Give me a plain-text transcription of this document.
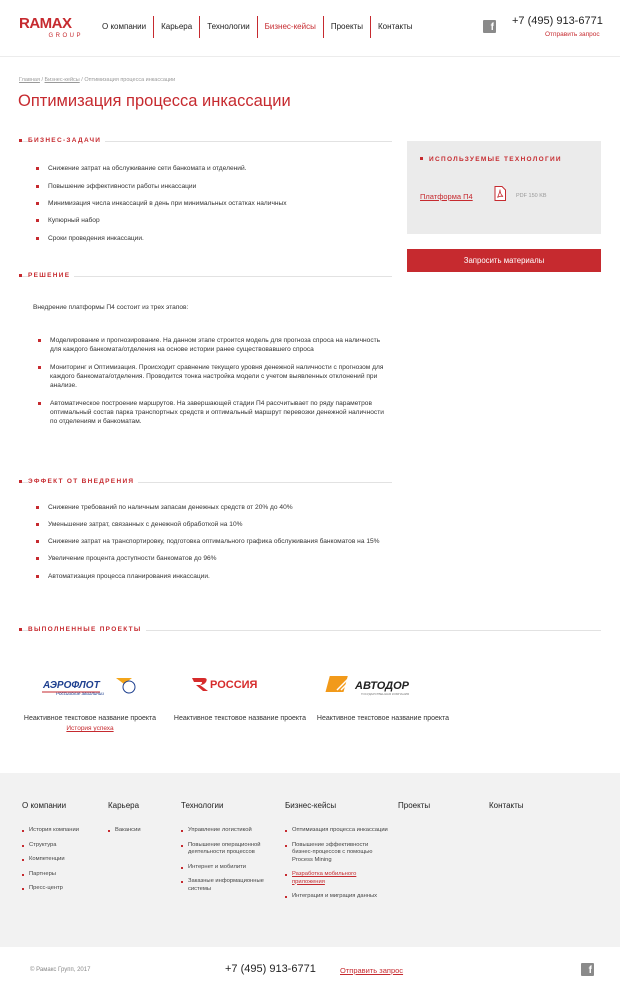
RAMAX
GROUP
О компании	Карьера	Технологии	Бизнес-кейсы	Проекты	Контакты	f
+7 (495) 913-6771
Отправить запрос
Главная / Бизнес-кейсы / Оптимизация процесса инкассации
Оптимизация процесса инкассации
БИЗНЕС-ЗАДАЧИ
Снижение затрат на обслуживание сети банкомата и отделений.
Повышение эффективности работы инкассации
Минимизация числа инкассаций в день при минимальных остатках наличных
Купюрный набор
Сроки проведения инкассации.
РЕШЕНИЕ
Внедрение платформы П4 состоит из трех этапов:
Моделирование и прогнозирование. На данном этапе строится модель для прогноза спроса на наличность для каждого банкомата/отделения на основе истории ранее существовавшего спроса
Мониторинг и Оптимизация. Происходит сравнение текущего уровня денежной наличности с прогнозом для каждого банкомата/отделения. Проводится тонка настройка модели с учетом выявленных отклонений при анализе.
Автоматическое построение маршрутов. На завершающей стадии П4 рассчитывает по ряду параметров оптимальный состав парка транспортных средств и оптимальный маршрут перевозки денежной наличности по отделениям и банкоматам.
ЭФФЕКТ ОТ ВНЕДРЕНИЯ
Снижение требований по наличным запасам денежных средств от 20% до 40%
Уменьшение затрат, связанных с денежной обработкой на 10%
Снижение затрат на транспортировку, подготовка оптимального графика обслуживания банкоматов на 15%
Увеличение процента доступности банкоматов до 96%
Автоматизация процесса планирования инкассации.
ВЫПОЛНЕННЫЕ ПРОЕКТЫ
АЭРОФЛОТ
Российские авиалинии
Неактивное текстовое название проекта
История успеха
РОССИЯ
Неактивное текстовое название проекта
АВТОДОР
ГОСУДАРСТВЕННАЯ КОМПАНИЯ
Неактивное текстовое название проекта
ИСПОЛЬЗУЕМЫЕ ТЕХНОЛОГИИ
Платформа П4	PDF 150 KB
Запросить материалы
О компании
История компании
Структура
Компетенции
Партнеры
Пресс-центр
Карьера
Вакансии
Технологии
Управление логистикой
Повышение операционной деятельности процессов
Интернет и мобилити
Заказные информационные системы
Бизнес-кейсы
Оптимизация процесса инкассации
Повышение эффективности бизнес-процессов с помощью Process Mining
Разработка мобильного приложения
Интеграция и миграция данных
Проекты	Контакты
© Рамакс Групп, 2017	+7 (495) 913-6771	Отправить запрос	f
